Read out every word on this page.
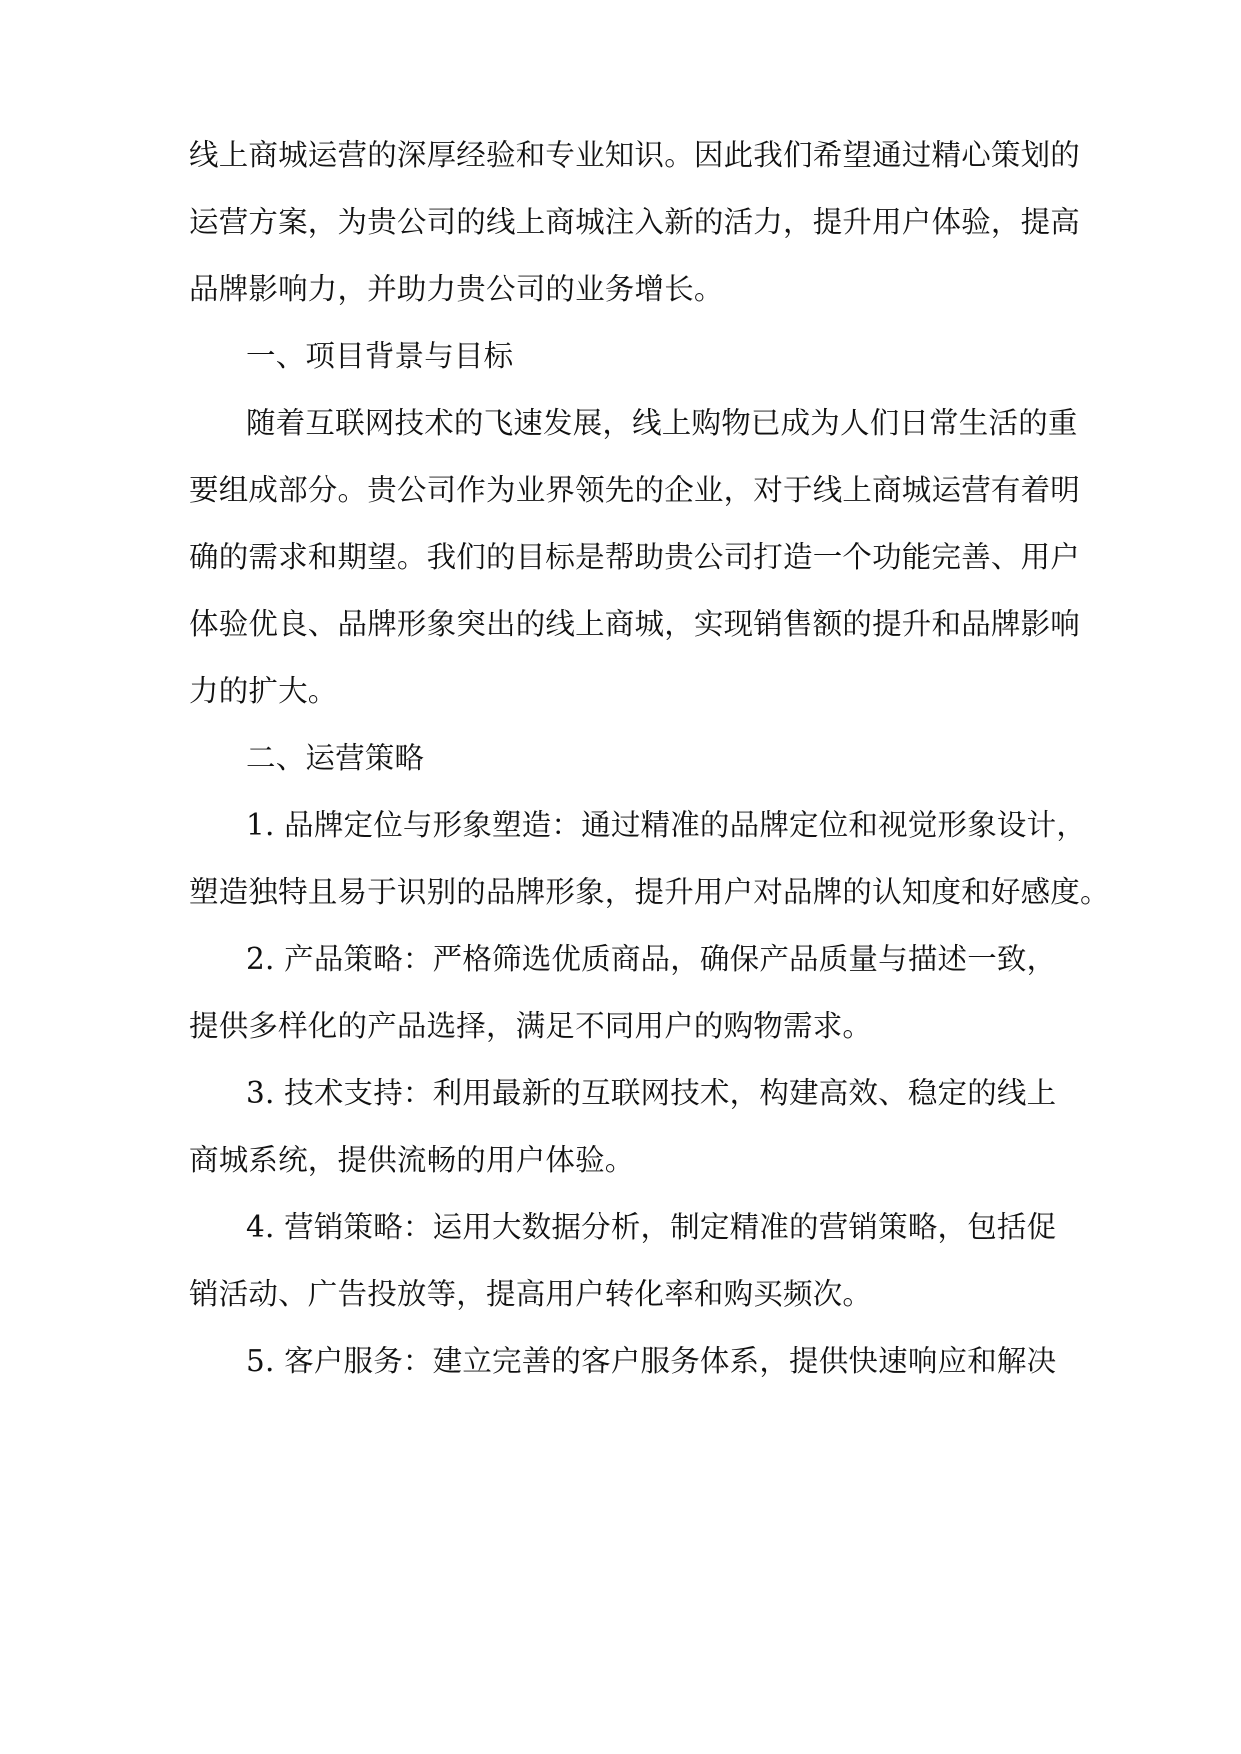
线上商城运营的深厚经验和专业知识。因此我们希望通过精心策划的
运营方案，为贵公司的线上商城注入新的活力，提升用户体验，提高
品牌影响力，并助力贵公司的业务增长。
一、项目背景与目标
随着互联网技术的飞速发展，线上购物已成为人们日常生活的重
要组成部分。贵公司作为业界领先的企业，对于线上商城运营有着明
确的需求和期望。我们的目标是帮助贵公司打造一个功能完善、用户
体验优良、品牌形象突出的线上商城，实现销售额的提升和品牌影响
力的扩大。
二、运营策略
1. 品牌定位与形象塑造：通过精准的品牌定位和视觉形象设计，
塑造独特且易于识别的品牌形象，提升用户对品牌的认知度和好感度。
2. 产品策略：严格筛选优质商品，确保产品质量与描述一致，
提供多样化的产品选择，满足不同用户的购物需求。
3. 技术支持：利用最新的互联网技术，构建高效、稳定的线上
商城系统，提供流畅的用户体验。
4. 营销策略：运用大数据分析，制定精准的营销策略，包括促
销活动、广告投放等，提高用户转化率和购买频次。
5. 客户服务：建立完善的客户服务体系，提供快速响应和解决
